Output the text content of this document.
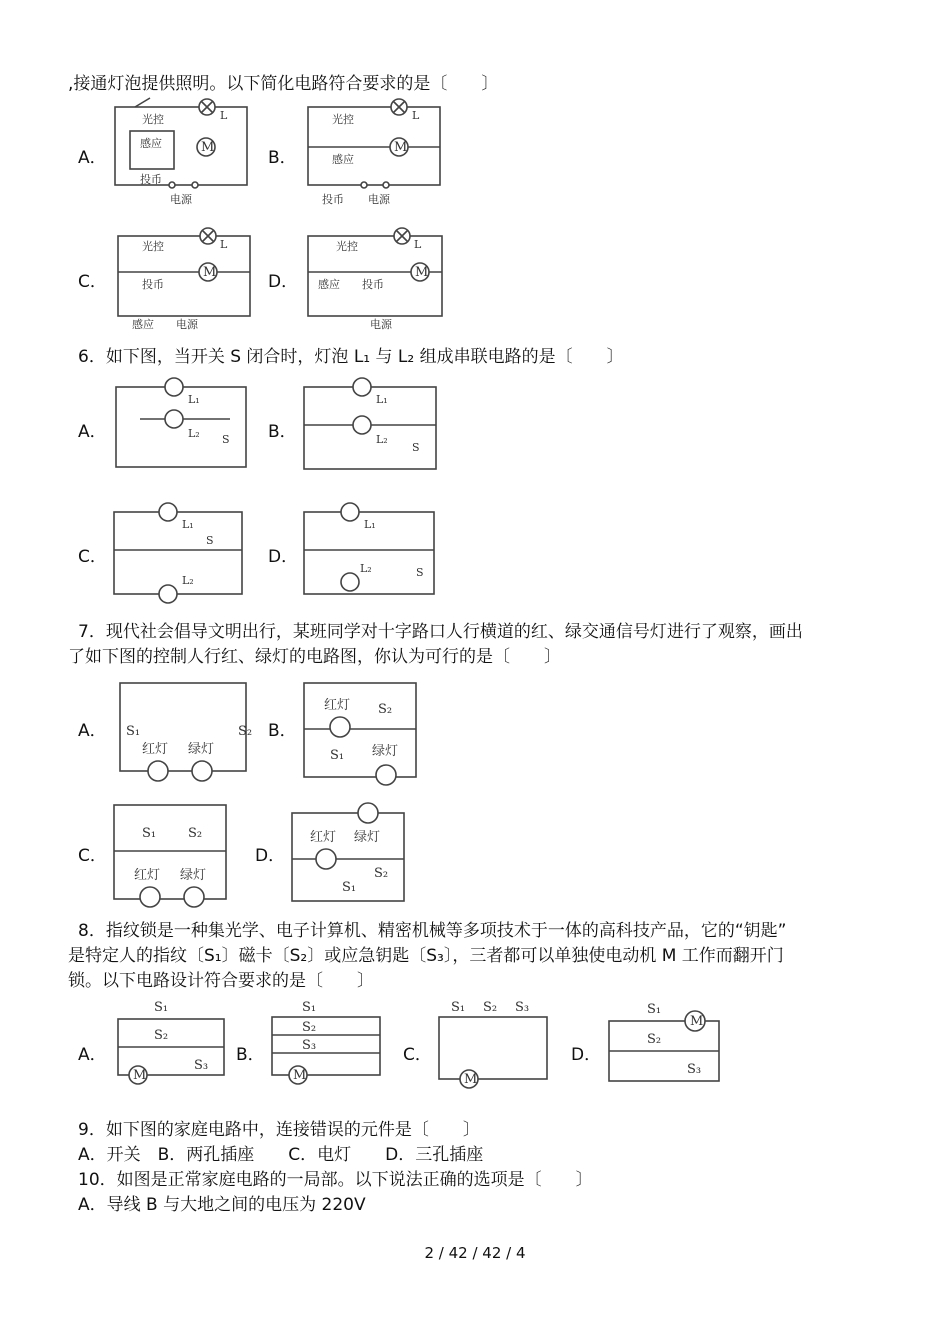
,接通灯泡提供照明。以下简化电路符合要求的是〔　　〕
A．
光控	L
M
感应
投币
电源
B．
M
光控	L
感应
投币 电源
C．	M
光控	L
投币
感应 电源
D．	M
光控	L
感应 投币
电源
6．如下图，当开关 S 闭合时，灯泡 L₁ 与 L₂ 组成串联电路的是〔　　〕
A．
L₁
L₂ S B．
L₁
L₂
S
C．
L₁
L₂
S
D．
L₁
L₂	S
7．现代社会倡导文明出行，某班同学对十字路口人行横道的红、绿交通信号灯进行了观察，画出
了如下图的控制人行红、绿灯的电路图，你认为可行的是〔　　〕
A． S₁	S₂
红灯 绿灯
B．
红灯 S₂
S₁ 绿灯
C．
S₁ S₂
红灯 绿灯
D．
红灯 绿灯
S₂
S₁
8．指纹锁是一种集光学、电子计算机、精密机械等多项技术于一体的高科技产品，它的“钥匙”
是特定人的指纹〔S₁〕磁卡〔S₂〕或应急钥匙〔S₃〕，三者都可以单独使电动机 M 工作而翻开门
锁。以下电路设计符合要求的是〔　　〕
A．
M
S₁
S₂
S₃
B．
M
S₁
S₂
S₃	C．
M
S₁ S₂ S₃
D．
M
S₁
S₂
S₃
9．如下图的家庭电路中，连接错误的元件是〔　　〕
A．开关　B．两孔插座　　C．电灯　　D．三孔插座
10．如图是正常家庭电路的一局部。以下说法正确的选项是〔　　〕
A．导线 B 与大地之间的电压为 220V
2 / 42 / 42 / 4
